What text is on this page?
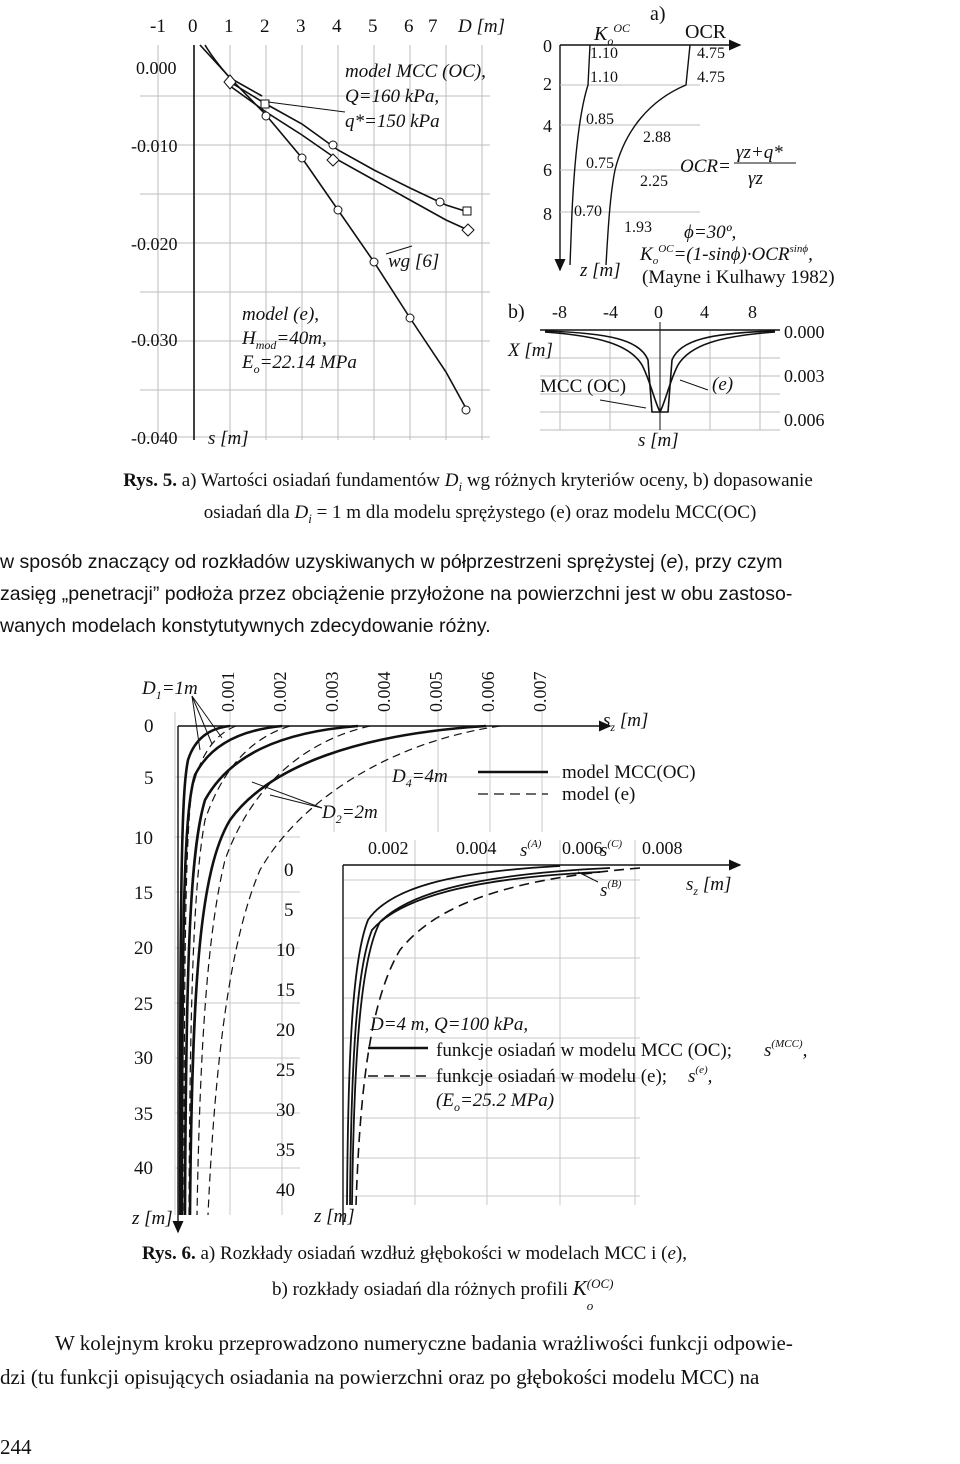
-1 0 1 2 3 4 5 6 7 D [m]
0.000
-0.010
-0.020
-0.030
-0.040 s [m]
model MCC (OC),
Q=160 kPa,
q*=150 kPa
wg [6]
model (e),
$H_{mod}=40m$,
$E_o=22.14$ MPa
a)
$K_o^{OC}$	OCR
0
2
4
6
8
z [m]
1.10
1.10
0.85
0.75
0.70
4.75
4.75
2.88
2.25
1.93
OCR=
γz+q*
γz
ϕ=30º,
$K_o^{OC}=(1-\sin\phi)\cdot OCR^{sin\phi}$,
(Mayne i Kulhawy 1982)
b) -8 -4 0 4 8
X [m]
0.000
0.003
0.006
s [m]
MCC (OC)	(e)
Rys. 5. a) Wartości osiadań fundamentów $D_i$ wg różnych kryteriów oceny, b) dopasowanie
osiadań dla $D_i = 1$ m dla modelu sprężystego (e) oraz modelu MCC(OC)
w sposób znaczący od rozkładów uzyskiwanych w półprzestrzeni sprężystej (e), przy czym
zasięg „penetracji” podłoża przez obciążenie przyłożone na powierzchni jest w obu zastoso-
wanych modelach konstytutywnych zdecydowanie różny.
0.001 0.002 0.003 0.004 0.005 0.006 0.007
$D_1=1m$
$s_z$ [m]
0
5
10
15
20
25
30
35
40
z [m]
$D_4=4m$
$D_2=2m$
model MCC(OC)
model (e)
0.002	0.004	0.006 0.008
$s^{(A)}$	$s^{(C)}$
$s^{(B)}$	$s_z$ [m]
0
5
10
15
20
25
30
35
40
z [m]
D=4 m, Q=100 kPa,
funkcje osiadań w modelu MCC (OC); $s^{(MCC)}$,
funkcje osiadań w modelu (e); $s^{(e)}$,
($E_o=25.2$ MPa)
Rys. 6. a) Rozkłady osiadań wzdłuż głębokości w modelach MCC i (e),
b) rozkłady osiadań dla różnych profili K
o
(OC)
W kolejnym kroku przeprowadzono numeryczne badania wrażliwości funkcji odpowie-
dzi (tu funkcji opisujących osiadania na powierzchni oraz po głębokości modelu MCC) na
244
